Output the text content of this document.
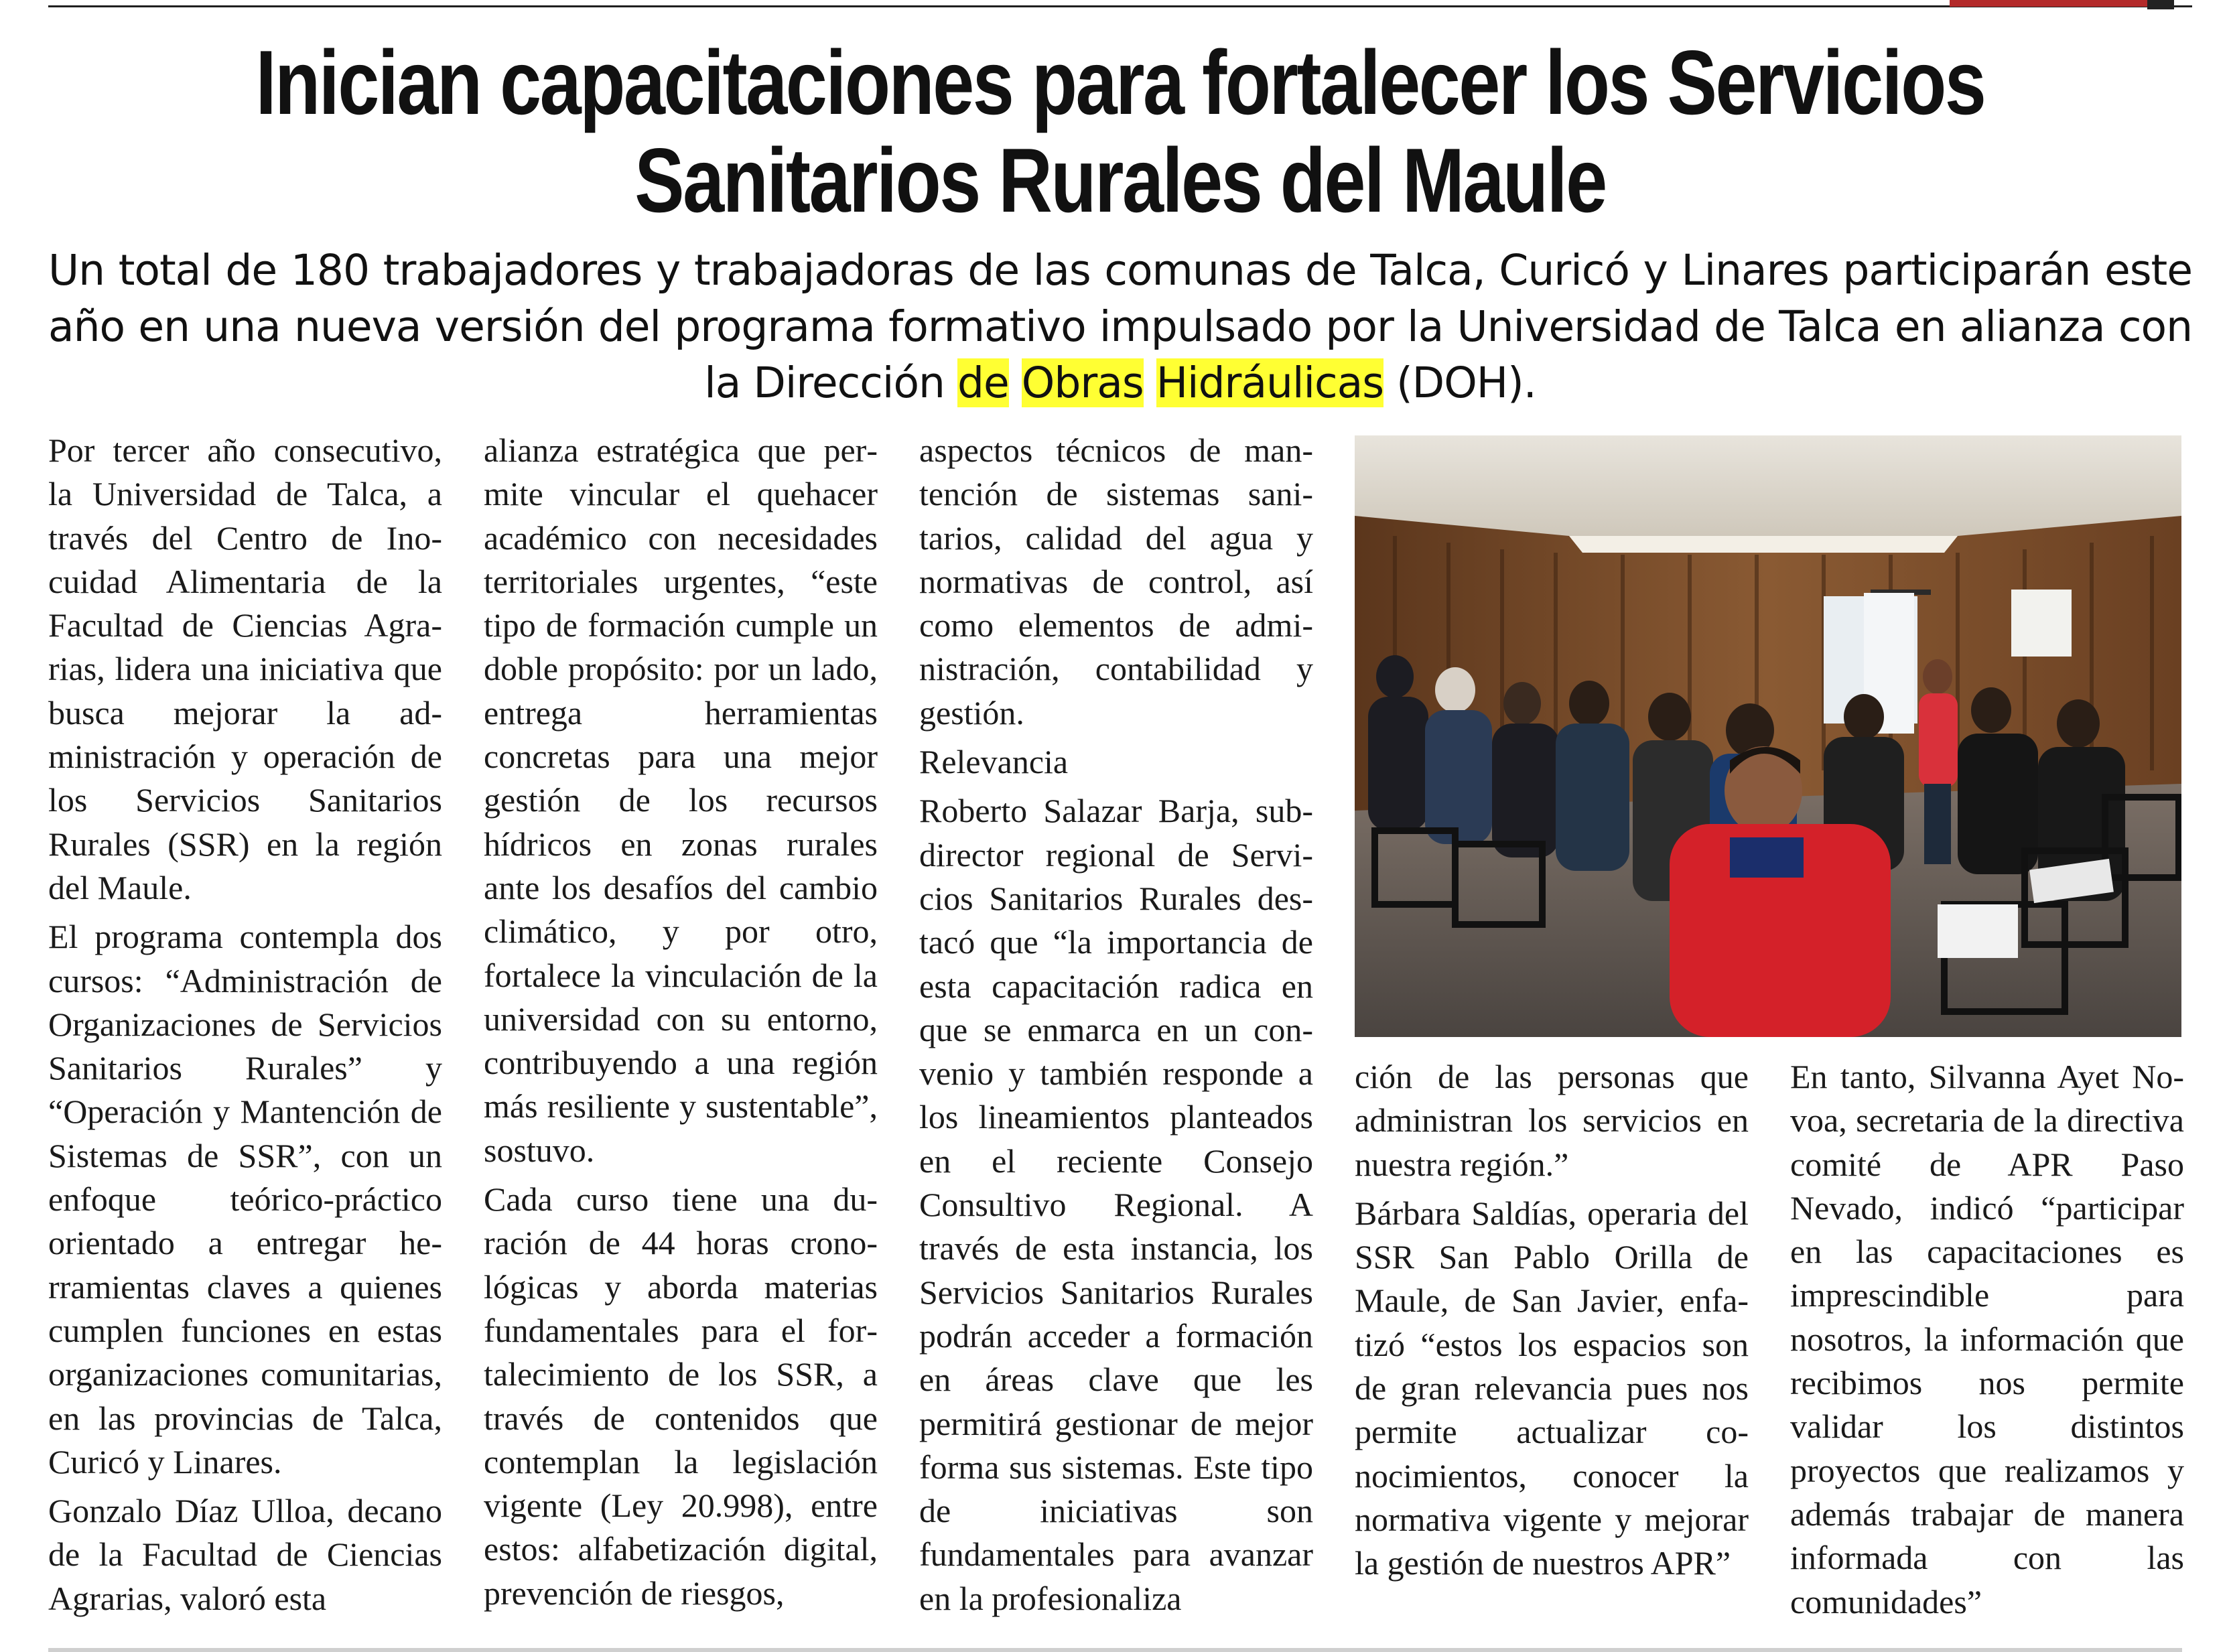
Inician capacitaciones para fortalecer los Servicios Sanitarios Rurales del Maule

Un total de 180 trabajadores y trabajadoras de las comunas de Talca, Curicó y Linares participarán este año en una nueva versión del programa formativo impulsado por la Universidad de Talca en alianza con la Dirección de Obras Hidráulicas (DOH).

Por tercer año consecutivo, la Universidad de Talca, a través del Centro de Inocuidad Alimentaria de la Facultad de Ciencias Agrarias, lidera una iniciativa que busca mejorar la administración y operación de los Servicios Sanitarios Rurales (SSR) en la región del Maule.

El programa contempla dos cursos: “Administración de Organizaciones de Servicios Sanitarios Rurales” y “Operación y Mantención de Sistemas de SSR”, con un enfoque teórico-práctico orientado a entregar herramientas claves a quienes cumplen funciones en estas organizaciones comunitarias, en las provincias de Talca, Curicó y Linares.

Gonzalo Díaz Ulloa, decano de la Facultad de Ciencias Agrarias, valoró esta

alianza estratégica que permite vincular el quehacer académico con necesidades territoriales urgentes, “este tipo de formación cumple un doble propósito: por un lado, entrega herramientas concretas para una mejor gestión de los recursos hídricos en zonas rurales ante los desafíos del cambio climático, y por otro, fortalece la vinculación de la universidad con su entorno, contribuyendo a una región más resiliente y sustentable”, sostuvo.

Cada curso tiene una duración de 44 horas cronológicas y aborda materias fundamentales para el fortalecimiento de los SSR, a través de contenidos que contemplan la legislación vigente (Ley 20.998), entre estos: alfabetización digital, prevención de riesgos,

aspectos técnicos de mantención de sistemas sanitarios, calidad del agua y normativas de control, así como elementos de administración, contabilidad y gestión.

Relevancia

Roberto Salazar Barja, subdirector regional de Servicios Sanitarios Rurales destacó que “la importancia de esta capacitación radica en que se enmarca en un convenio y también responde a los lineamientos planteados en el reciente Consejo Consultivo Regional. A través de esta instancia, los Servicios Sanitarios Rurales podrán acceder a formación en áreas clave que les permitirá gestionar de mejor forma sus sistemas. Este tipo de iniciativas son fundamentales para avanzar en la profesionaliza

ción de las personas que administran los servicios en nuestra región.”

Bárbara Saldías, operaria del SSR San Pablo Orilla de Maule, de San Javier, enfatizó “estos los espacios son de gran relevancia pues nos permite actualizar conocimientos, conocer la normativa vigente y mejorar la gestión de nuestros APR”

En tanto, Silvanna Ayet Novoa, secretaria de la directiva comité de APR Paso Nevado, indicó “participar en las capacitaciones es imprescindible para nosotros, la información que recibimos nos permite validar los distintos proyectos que realizamos y además trabajar de manera informada con las comunidades”
